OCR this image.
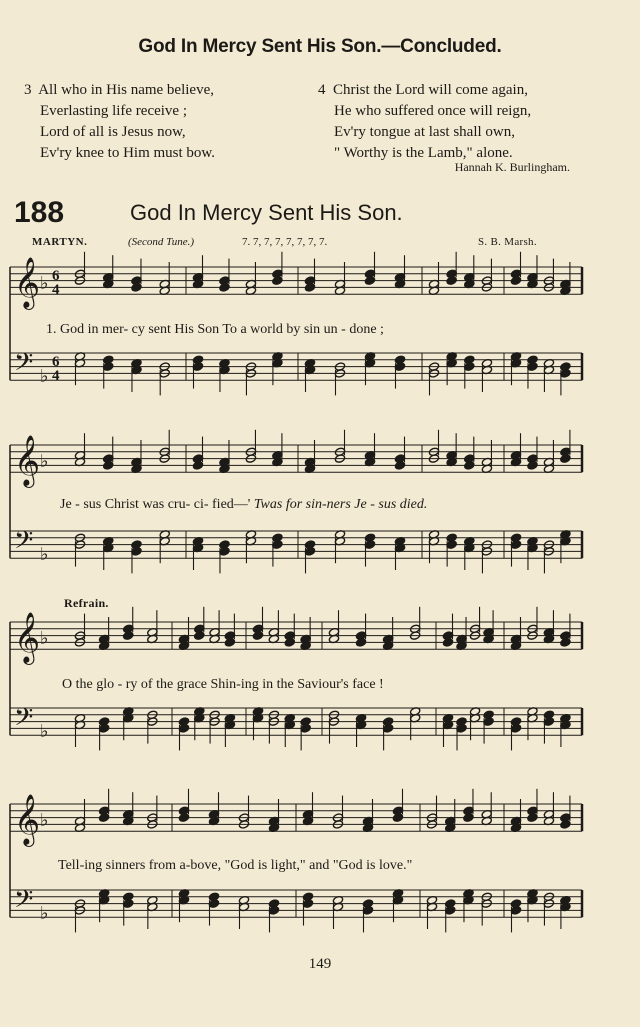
God In Mercy Sent His Son.—Concluded.
3 All who in His name believe,
Everlasting life receive ;
Lord of all is Jesus now,
Ev'ry knee to Him must bow.
4 Christ the Lord will come again,
He who suffered once will reign,
Ev'ry tongue at last shall own,
" Worthy is the Lamb," alone.
Hannah K. Burlingham.
188	God In Mercy Sent His Son.
MARTYN.	(Second Tune.)	7. 7, 7, 7, 7, 7, 7, 7.	S. B. Marsh.
𝄞 ♭ 6
4
𝄢 ♭
6
4
𝄞 ♭
𝄢 ♭
𝄞 ♭
𝄢 ♭
𝄞 ♭
𝄢 ♭
1. God in mer- cy sent His Son To a world by sin un - done ;
Je - sus Christ was cru- ci- fied—' Twas for sin-ners Je - sus died.
Refrain.
O the glo - ry of the grace Shin-ing in the Saviour's face !
Tell-ing sinners from a-bove, "God is light," and "God is love."
149
